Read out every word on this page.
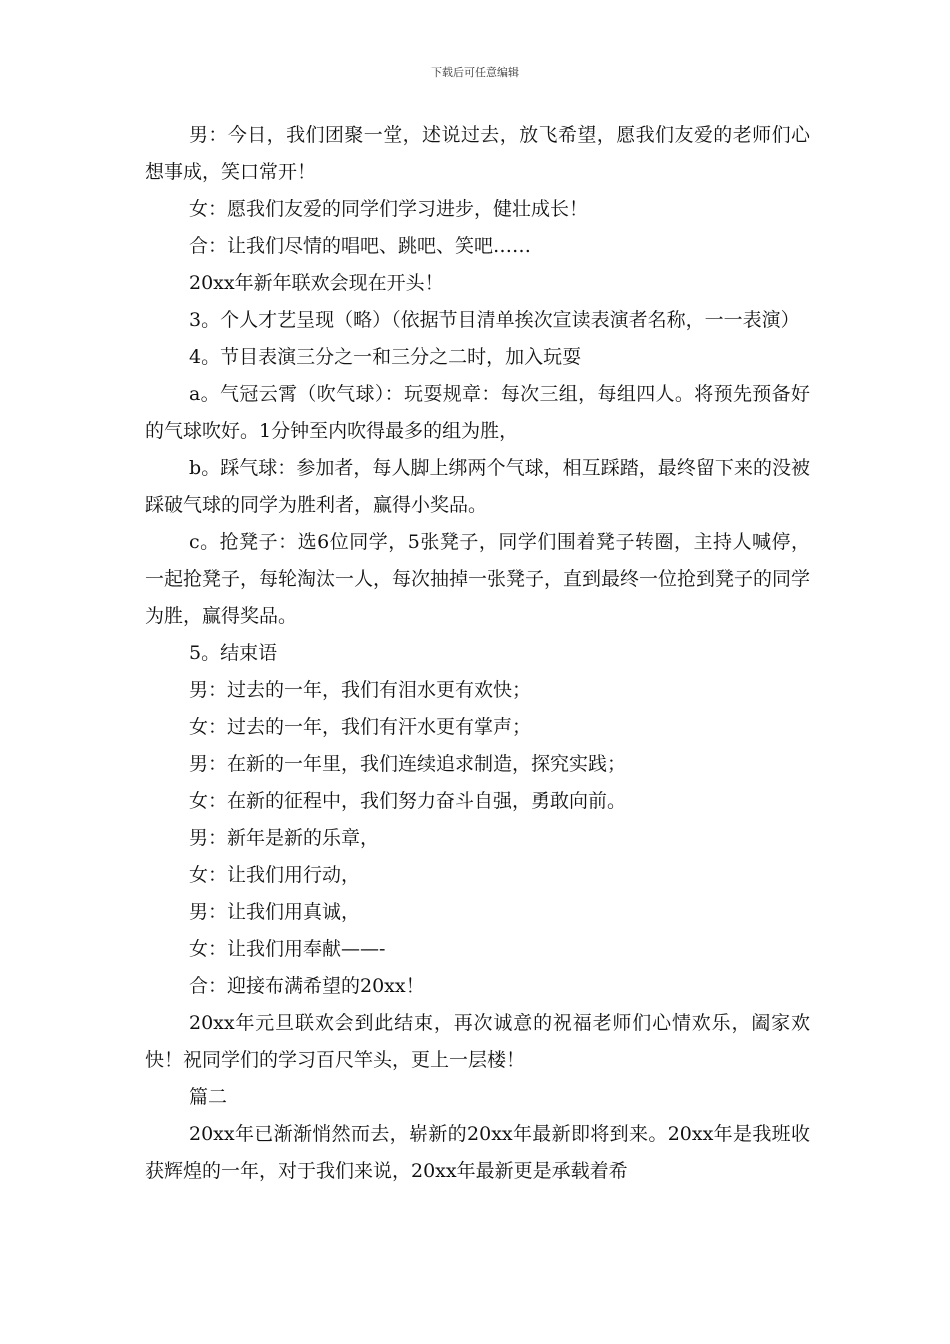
下载后可任意编辑

男：今日，我们团聚一堂，述说过去，放飞希望，愿我们友爱的老师们心想事成，笑口常开！

女：愿我们友爱的同学们学习进步，健壮成长！

合：让我们尽情的唱吧、跳吧、笑吧……

20xx年新年联欢会现在开头！

3。个人才艺呈现（略）（依据节目清单挨次宣读表演者名称，一一表演）

4。节目表演三分之一和三分之二时，加入玩耍

a。气冠云霄（吹气球）：玩耍规章：每次三组，每组四人。将预先预备好的气球吹好。1分钟至内吹得最多的组为胜，

b。踩气球：参加者，每人脚上绑两个气球，相互踩踏，最终留下来的没被踩破气球的同学为胜利者，赢得小奖品。

c。抢凳子：选6位同学，5张凳子，同学们围着凳子转圈，主持人喊停，一起抢凳子，每轮淘汰一人，每次抽掉一张凳子，直到最终一位抢到凳子的同学为胜，赢得奖品。

5。结束语

男：过去的一年，我们有泪水更有欢快；

女：过去的一年，我们有汗水更有掌声；

男：在新的一年里，我们连续追求制造，探究实践；

女：在新的征程中，我们努力奋斗自强，勇敢向前。

男：新年是新的乐章，

女：让我们用行动，

男：让我们用真诚，

女：让我们用奉献——-

合：迎接布满希望的20xx！

20xx年元旦联欢会到此结束，再次诚意的祝福老师们心情欢乐，阖家欢快！祝同学们的学习百尺竿头，更上一层楼！

篇二

20xx年已渐渐悄然而去，崭新的20xx年最新即将到来。20xx年是我班收获辉煌的一年，对于我们来说，20xx年最新更是承载着希
